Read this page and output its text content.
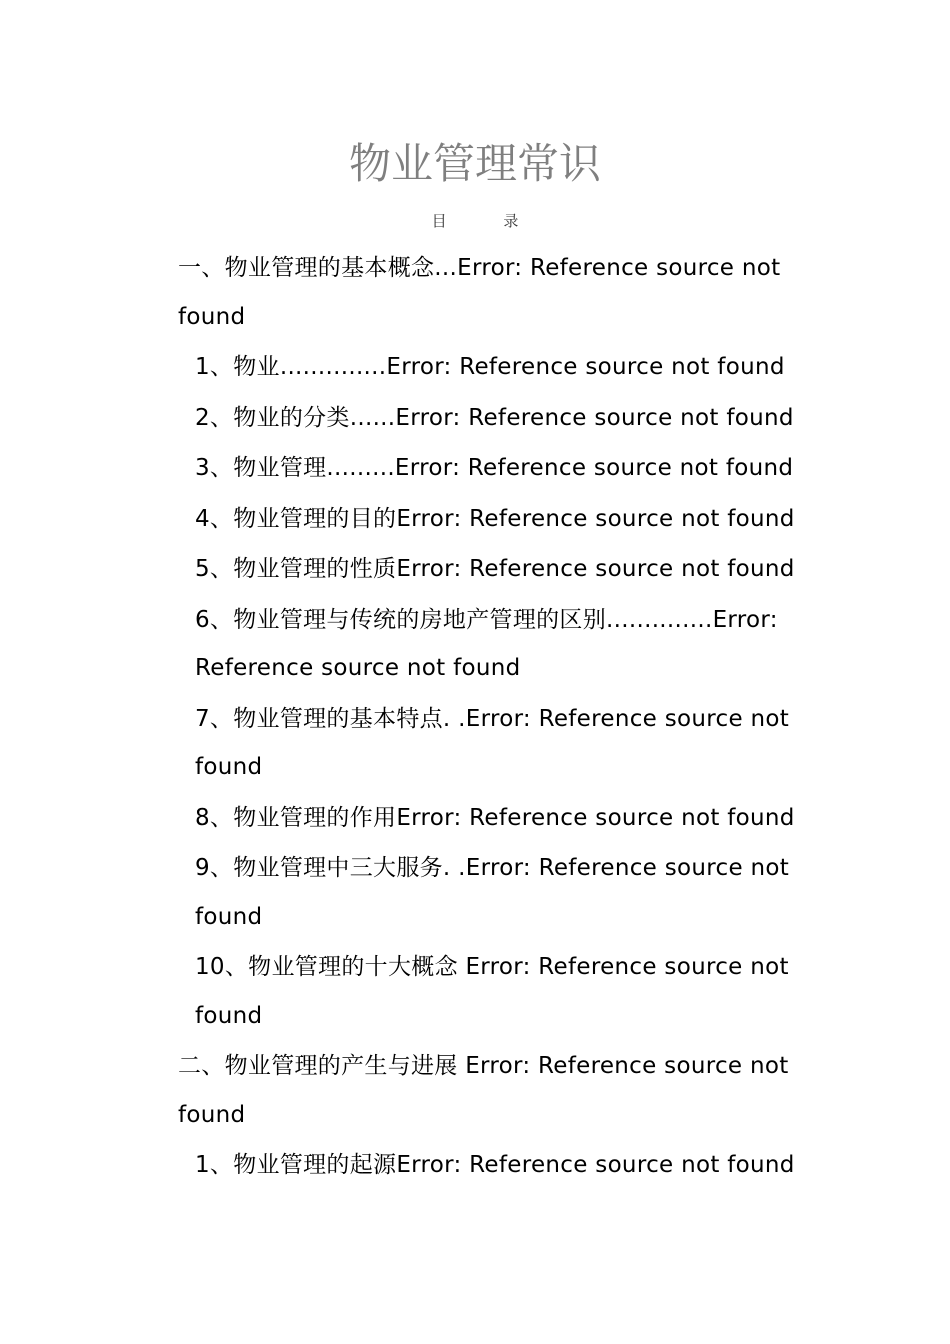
物业管理常识
目 录

一、物业管理的基本概念...Error: Reference source not found

1、物业..............Error: Reference source not found

2、物业的分类......Error: Reference source not found

3、物业管理.........Error: Reference source not found

4、物业管理的目的Error: Reference source not found

5、物业管理的性质Error: Reference source not found

6、物业管理与传统的房地产管理的区别..............Error: Reference source not found

7、物业管理的基本特点. .Error: Reference source not found

8、物业管理的作用Error: Reference source not found

9、物业管理中三大服务. .Error: Reference source not found

10、物业管理的十大概念 Error: Reference source not found

二、物业管理的产生与进展 Error: Reference source not found

1、物业管理的起源Error: Reference source not found
